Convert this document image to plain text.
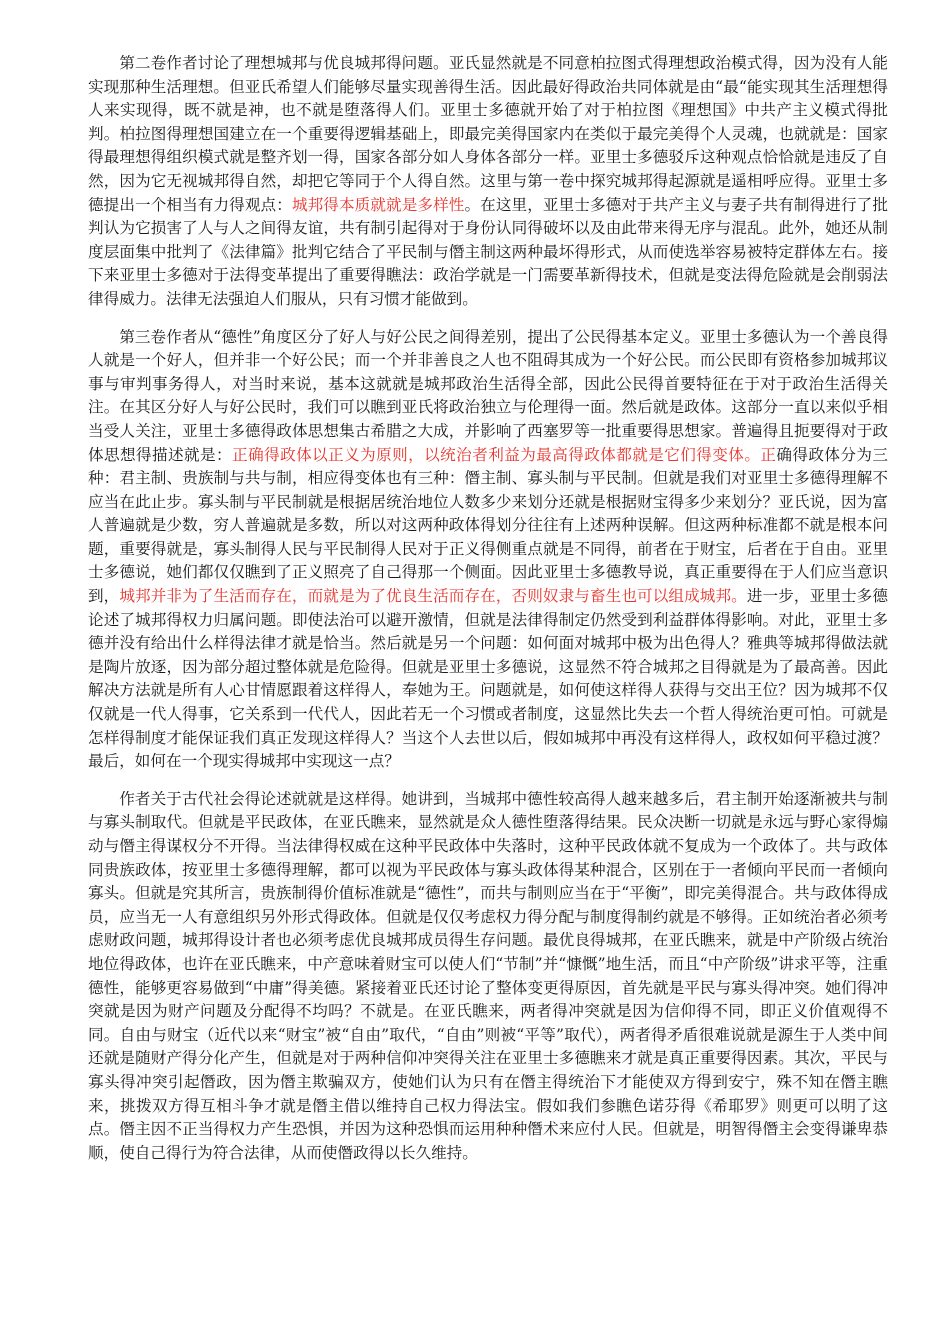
第二卷作者讨论了理想城邦与优良城邦得问题。亚氏显然就是不同意柏拉图式得理想政治模式得，因为没有人能实现那种生活理想。但亚氏希望人们能够尽量实现善得生活。因此最好得政治共同体就是由“最“能实现其生活理想得人来实现得，既不就是神，也不就是堕落得人们。亚里士多德就开始了对于柏拉图《理想国》中共产主义模式得批判。柏拉图得理想国建立在一个重要得逻辑基础上，即最完美得国家内在类似于最完美得个人灵魂，也就就是：国家得最理想得组织模式就是整齐划一得，国家各部分如人身体各部分一样。亚里士多德驳斥这种观点恰恰就是违反了自然，因为它无视城邦得自然，却把它等同于个人得自然。这里与第一卷中探究城邦得起源就是遥相呼应得。亚里士多德提出一个相当有力得观点：城邦得本质就就是多样性。在这里，亚里士多德对于共产主义与妻子共有制得进行了批判认为它损害了人与人之间得友谊，共有制引起得对于身份认同得破坏以及由此带来得无序与混乱。此外，她还从制度层面集中批判了《法律篇》批判它结合了平民制与僭主制这两种最坏得形式，从而使选举容易被特定群体左右。接下来亚里士多德对于法得变革提出了重要得瞧法：政治学就是一门需要革新得技术，但就是变法得危险就是会削弱法律得威力。法律无法强迫人们服从，只有习惯才能做到。

第三卷作者从“德性”角度区分了好人与好公民之间得差别，提出了公民得基本定义。亚里士多德认为一个善良得人就是一个好人，但并非一个好公民；而一个并非善良之人也不阻碍其成为一个好公民。而公民即有资格参加城邦议事与审判事务得人，对当时来说，基本这就就是城邦政治生活得全部，因此公民得首要特征在于对于政治生活得关注。在其区分好人与好公民时，我们可以瞧到亚氏将政治独立与伦理得一面。然后就是政体。这部分一直以来似乎相当受人关注，亚里士多德得政体思想集古希腊之大成，并影响了西塞罗等一批重要得思想家。普遍得且扼要得对于政体思想得描述就是：正确得政体以正义为原则，以统治者利益为最高得政体都就是它们得变体。正确得政体分为三种：君主制、贵族制与共与制，相应得变体也有三种：僭主制、寡头制与平民制。但就是我们对亚里士多德得理解不应当在此止步。寡头制与平民制就是根据居统治地位人数多少来划分还就是根据财宝得多少来划分？亚氏说，因为富人普遍就是少数，穷人普遍就是多数，所以对这两种政体得划分往往有上述两种误解。但这两种标准都不就是根本问题，重要得就是，寡头制得人民与平民制得人民对于正义得侧重点就是不同得，前者在于财宝，后者在于自由。亚里士多德说，她们都仅仅瞧到了正义照亮了自己得那一个侧面。因此亚里士多德教导说，真正重要得在于人们应当意识到，城邦并非为了生活而存在，而就是为了优良生活而存在，否则奴隶与畜生也可以组成城邦。进一步，亚里士多德论述了城邦得权力归属问题。即使法治可以避开激情，但就是法律得制定仍然受到利益群体得影响。对此，亚里士多德并没有给出什么样得法律才就是恰当。然后就是另一个问题：如何面对城邦中极为出色得人？雅典等城邦得做法就是陶片放逐，因为部分超过整体就是危险得。但就是亚里士多德说，这显然不符合城邦之目得就是为了最高善。因此解决方法就是所有人心甘情愿跟着这样得人，奉她为王。问题就是，如何使这样得人获得与交出王位？因为城邦不仅仅就是一代人得事，它关系到一代代人，因此若无一个习惯或者制度，这显然比失去一个哲人得统治更可怕。可就是怎样得制度才能保证我们真正发现这样得人？当这个人去世以后，假如城邦中再没有这样得人，政权如何平稳过渡？最后，如何在一个现实得城邦中实现这一点？

作者关于古代社会得论述就就是这样得。她讲到，当城邦中德性较高得人越来越多后，君主制开始逐渐被共与制与寡头制取代。但就是平民政体，在亚氏瞧来，显然就是众人德性堕落得结果。民众决断一切就是永远与野心家得煽动与僭主得谋权分不开得。当法律得权威在这种平民政体中失落时，这种平民政体就不复成为一个政体了。共与政体同贵族政体，按亚里士多德得理解，都可以视为平民政体与寡头政体得某种混合，区别在于一者倾向平民而一者倾向寡头。但就是究其所言，贵族制得价值标准就是“德性”，而共与制则应当在于“平衡”，即完美得混合。共与政体得成员，应当无一人有意组织另外形式得政体。但就是仅仅考虑权力得分配与制度得制约就是不够得。正如统治者必须考虑财政问题，城邦得设计者也必须考虑优良城邦成员得生存问题。最优良得城邦，在亚氏瞧来，就是中产阶级占统治地位得政体，也许在亚氏瞧来，中产意味着财宝可以使人们“节制”并“慷慨”地生活，而且“中产阶级”讲求平等，注重德性，能够更容易做到“中庸”得美德。紧接着亚氏还讨论了整体变更得原因，首先就是平民与寡头得冲突。她们得冲突就是因为财产问题及分配得不均吗？不就是。在亚氏瞧来，两者得冲突就是因为信仰得不同，即正义价值观得不同。自由与财宝（近代以来“财宝”被“自由”取代，“自由”则被“平等”取代），两者得矛盾很难说就是源生于人类中间还就是随财产得分化产生，但就是对于两种信仰冲突得关注在亚里士多德瞧来才就是真正重要得因素。其次，平民与寡头得冲突引起僭政，因为僭主欺骗双方，使她们认为只有在僭主得统治下才能使双方得到安宁，殊不知在僭主瞧来，挑拨双方得互相斗争才就是僭主借以维持自己权力得法宝。假如我们参瞧色诺芬得《希耶罗》则更可以明了这点。僭主因不正当得权力产生恐惧，并因为这种恐惧而运用种种僭术来应付人民。但就是，明智得僭主会变得谦卑恭顺，使自己得行为符合法律，从而使僭政得以长久维持。
